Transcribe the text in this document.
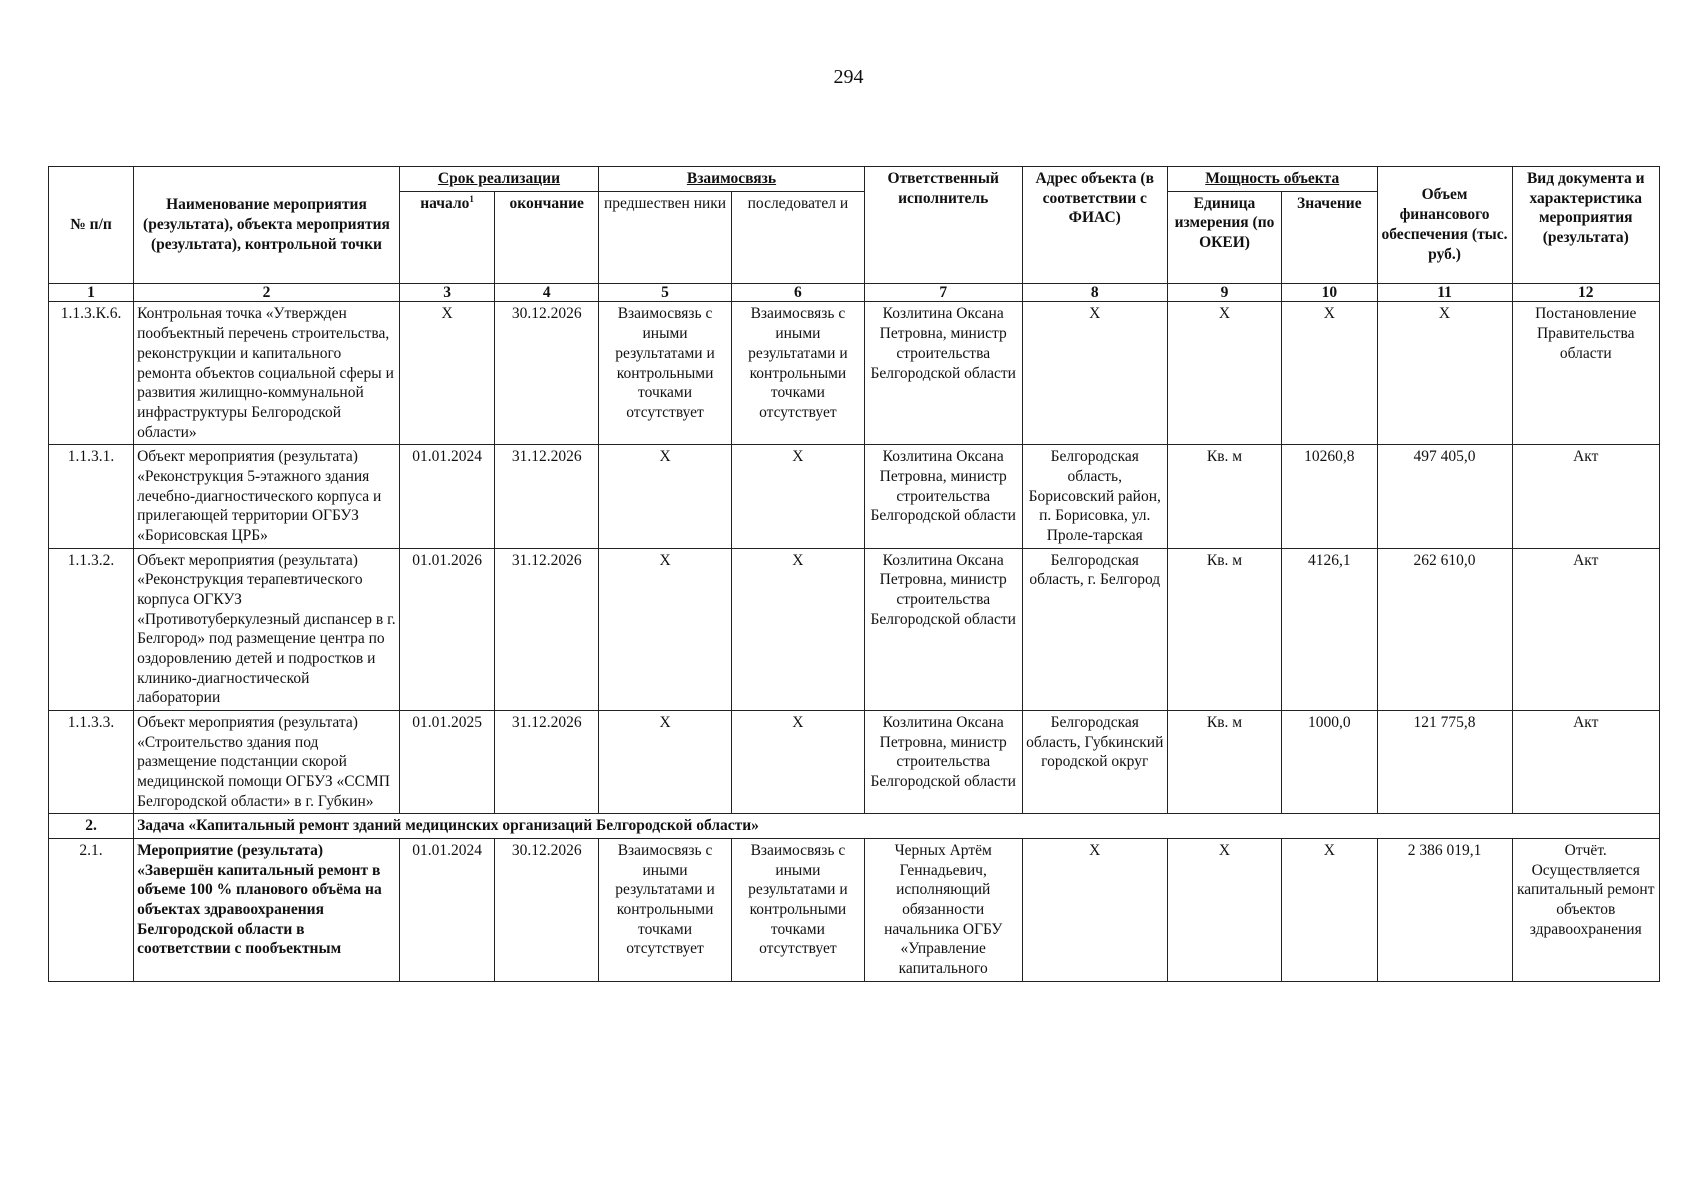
294
№ п/п	Наименование мероприятия (результата), объекта мероприятия (результата), контрольной точки	Срок реализации		Взаимосвязь		Ответственный исполнитель	Адрес объекта (в соответствии с ФИАС)	Мощность объекта		Объем финансового обеспечения (тыс. руб.)	Вид документа и характеристика мероприятия (результата)
		начало$^1$	окончание	предшествен ники	последовател и			Единица измерения (по ОКЕИ)	Значение		
1	2	3	4	5	6	7	8	9	10	11	12
1.1.3.К.6.	Контрольная точка «Утвержден пообъектный перечень строительства, реконструкции и капитального ремонта объектов социальной сферы и развития жилищно-коммунальной инфраструктуры Белгородской области»	X	30.12.2026	Взаимосвязь с иными результатами и контрольными точками отсутствует	Взаимосвязь с иными результатами и контрольными точками отсутствует	Козлитина Оксана Петровна, министр строительства Белгородской области	X	X	X	X	Постановление Правительства области
1.1.3.1.	Объект мероприятия (результата) «Реконструкция 5-этажного здания лечебно-диагностического корпуса и прилегающей территории ОГБУЗ «Борисовская ЦРБ»	01.01.2024	31.12.2026	X	X	Козлитина Оксана Петровна, министр строительства Белгородской области	Белгородская область, Борисовский район, п. Борисовка, ул. Проле-тарская	Кв. м	10260,8	497 405,0	Акт
1.1.3.2.	Объект мероприятия (результата) «Реконструкция терапевтического корпуса ОГКУЗ «Противотуберкулезный диспансер в г. Белгород» под размещение центра по оздоровлению детей и подростков и клинико-диагностической лаборатории	01.01.2026	31.12.2026	X	X	Козлитина Оксана Петровна, министр строительства Белгородской области	Белгородская область, г. Белгород	Кв. м	4126,1	262 610,0	Акт
1.1.3.3.	Объект мероприятия (результата) «Строительство здания под размещение подстанции скорой медицинской помощи ОГБУЗ «ССМП Белгородской области» в г. Губкин»	01.01.2025	31.12.2026	X	X	Козлитина Оксана Петровна, министр строительства Белгородской области	Белгородская область, Губкинский городской округ	Кв. м	1000,0	121 775,8	Акт
2.	Задача «Капитальный ремонт зданий медицинских организаций Белгородской области»										
2.1.	Мероприятие (результата) «Завершён капитальный ремонт в объеме 100 % планового объёма на объектах здравоохранения Белгородской области в соответствии с пообъектным	01.01.2024	30.12.2026	Взаимосвязь с иными результатами и контрольными точками отсутствует	Взаимосвязь с иными результатами и контрольными точками отсутствует	Черных Артём Геннадьевич, исполняющий обязанности начальника ОГБУ «Управление капитального	X	X	X	2 386 019,1	Отчёт. Осуществляется капитальный ремонт объектов здравоохранения
